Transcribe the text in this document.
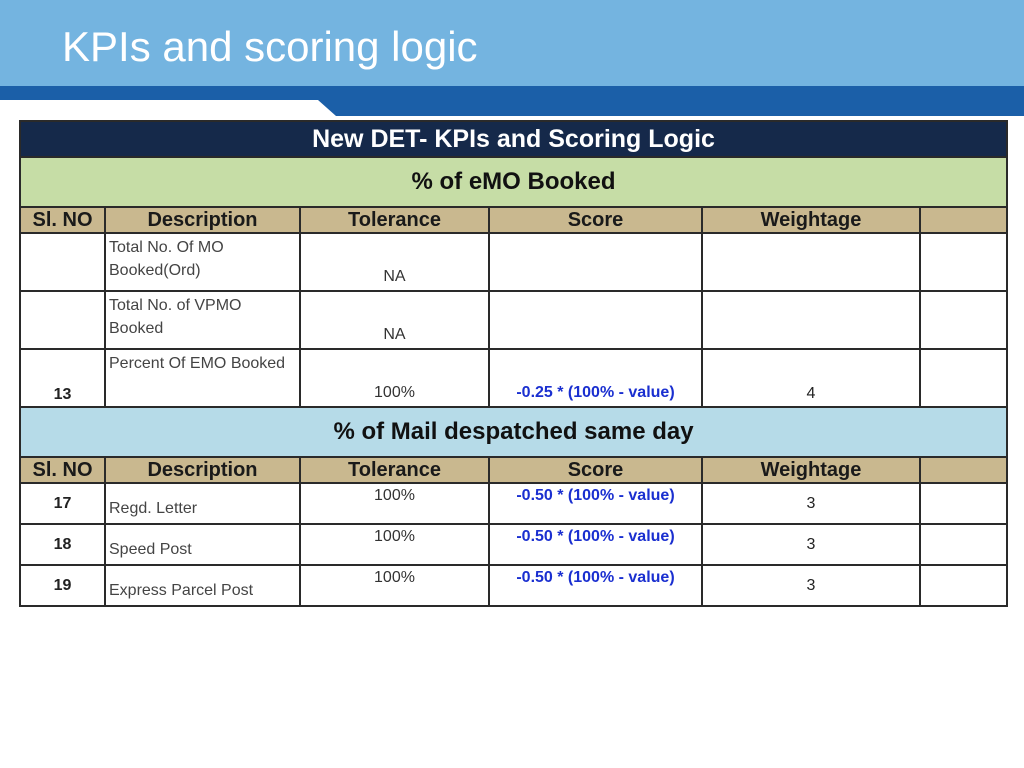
KPIs and scoring logic
New DET- KPIs and Scoring Logic					
% of eMO Booked					
Sl. NO	Description	Tolerance	Score	Weightage	
	Total No. Of MO Booked(Ord)	NA			
	Total No. of VPMO Booked	NA			
13	Percent Of EMO Booked	100%	-0.25 * (100% - value)	4	
% of Mail despatched same day					
Sl. NO	Description	Tolerance	Score	Weightage	
17	Regd. Letter	100%	-0.50 * (100% - value)	3	
18	Speed Post	100%	-0.50 * (100% - value)	3	
19	Express Parcel Post	100%	-0.50 * (100% - value)	3	
